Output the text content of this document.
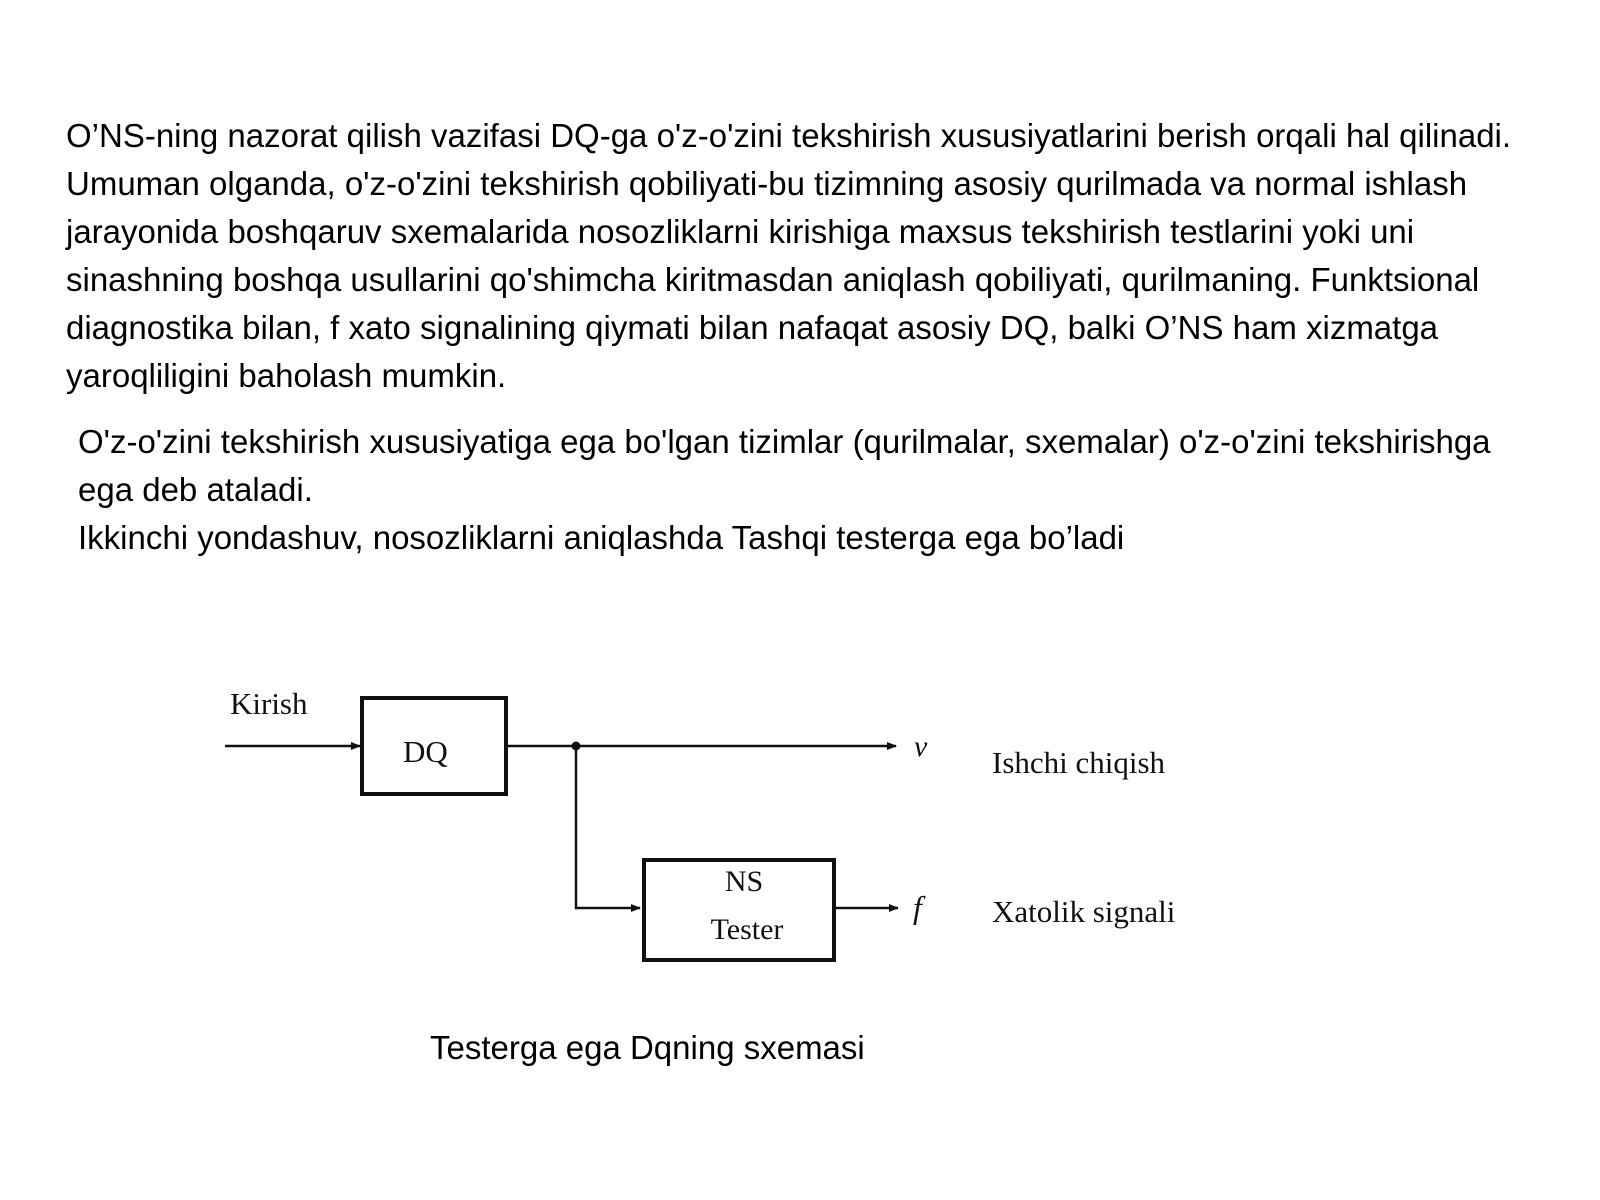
O’NS-ning nazorat qilish vazifasi DQ-ga o'z-o'zini tekshirish xususiyatlarini berish orqali hal qilinadi. Umuman olganda, o'z-o'zini tekshirish qobiliyati-bu tizimning asosiy qurilmada va normal ishlash jarayonida boshqaruv sxemalarida nosozliklarni kirishiga maxsus tekshirish testlarini yoki uni sinashning boshqa usullarini qo'shimcha kiritmasdan aniqlash qobiliyati, qurilmaning. Funktsional diagnostika bilan, f xato signalining qiymati bilan nafaqat asosiy DQ, balki O’NS ham xizmatga yaroqliligini baholash mumkin.

O'z-o'zini tekshirish xususiyatiga ega bo'lgan tizimlar (qurilmalar, sxemalar) o'z-o'zini tekshirishga ega deb ataladi.
Ikkinchi yondashuv, nosozliklarni aniqlashda Tashqi testerga ega bo’ladi
Kirish
DQ	v Ishchi chiqish
NS
Tester
f Xatolik signali

Testerga ega Dqning sxemasi
